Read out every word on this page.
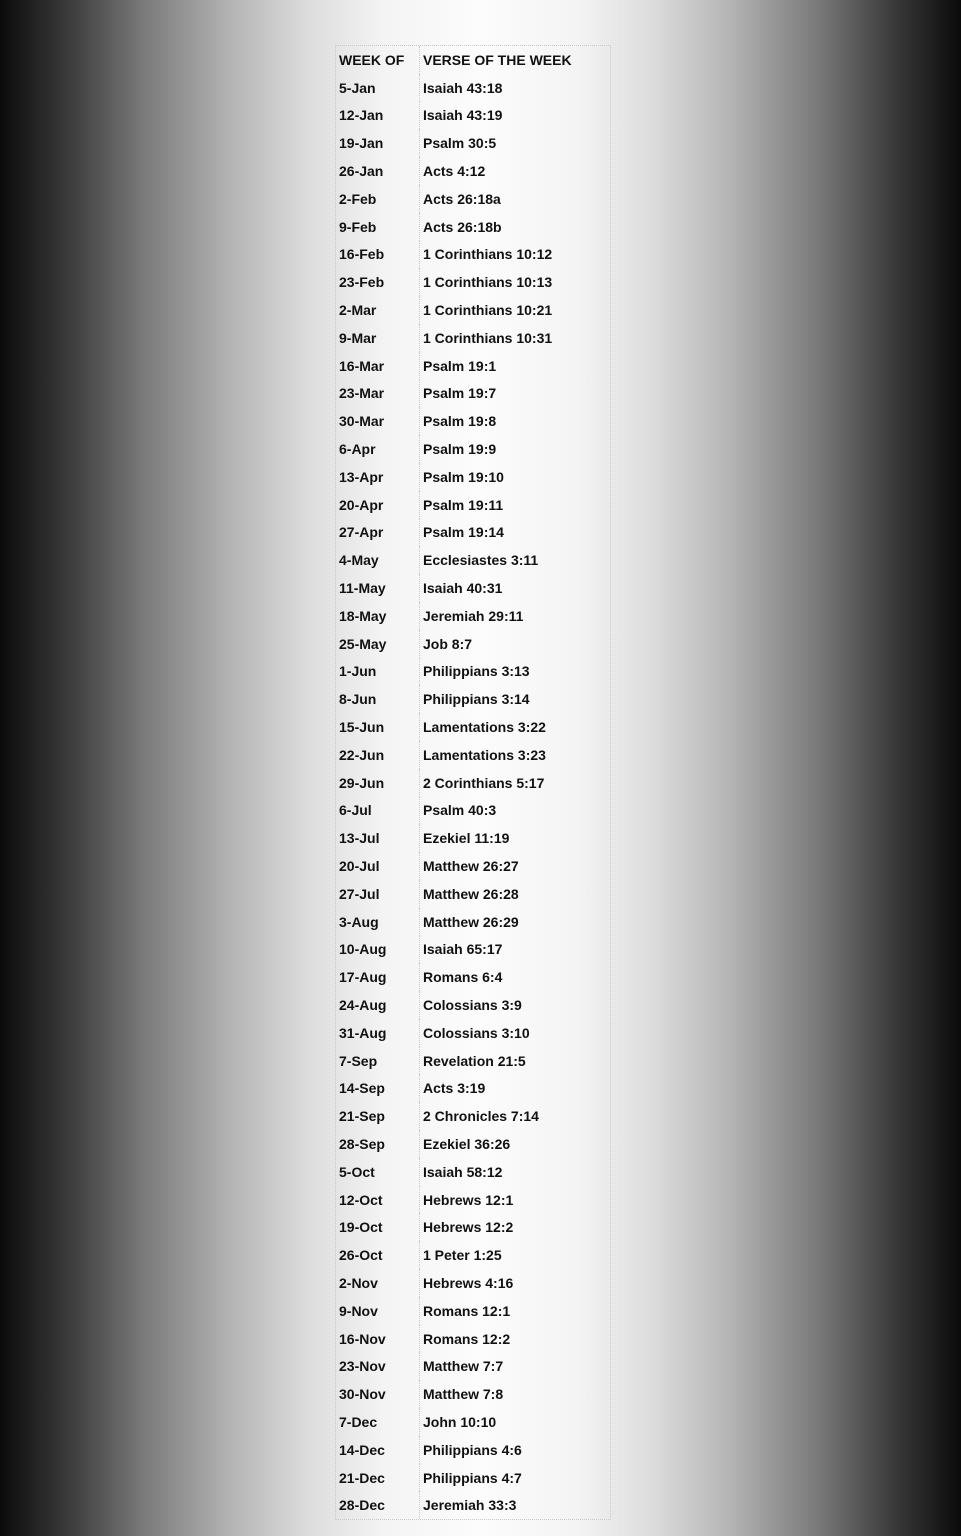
WEEK OF	VERSE OF THE WEEK
5-Jan	Isaiah 43:18
12-Jan	Isaiah 43:19
19-Jan	Psalm 30:5
26-Jan	Acts 4:12
2-Feb	Acts 26:18a
9-Feb	Acts 26:18b
16-Feb	1 Corinthians 10:12
23-Feb	1 Corinthians 10:13
2-Mar	1 Corinthians 10:21
9-Mar	1 Corinthians 10:31
16-Mar	Psalm 19:1
23-Mar	Psalm 19:7
30-Mar	Psalm 19:8
6-Apr	Psalm 19:9
13-Apr	Psalm 19:10
20-Apr	Psalm 19:11
27-Apr	Psalm 19:14
4-May	Ecclesiastes 3:11
11-May	Isaiah 40:31
18-May	Jeremiah 29:11
25-May	Job 8:7
1-Jun	Philippians 3:13
8-Jun	Philippians 3:14
15-Jun	Lamentations 3:22
22-Jun	Lamentations 3:23
29-Jun	2 Corinthians 5:17
6-Jul	Psalm 40:3
13-Jul	Ezekiel 11:19
20-Jul	Matthew 26:27
27-Jul	Matthew 26:28
3-Aug	Matthew 26:29
10-Aug	Isaiah 65:17
17-Aug	Romans 6:4
24-Aug	Colossians 3:9
31-Aug	Colossians 3:10
7-Sep	Revelation 21:5
14-Sep	Acts 3:19
21-Sep	2 Chronicles 7:14
28-Sep	Ezekiel 36:26
5-Oct	Isaiah 58:12
12-Oct	Hebrews 12:1
19-Oct	Hebrews 12:2
26-Oct	1 Peter 1:25
2-Nov	Hebrews 4:16
9-Nov	Romans 12:1
16-Nov	Romans 12:2
23-Nov	Matthew 7:7
30-Nov	Matthew 7:8
7-Dec	John 10:10
14-Dec	Philippians 4:6
21-Dec	Philippians 4:7
28-Dec	Jeremiah 33:3
